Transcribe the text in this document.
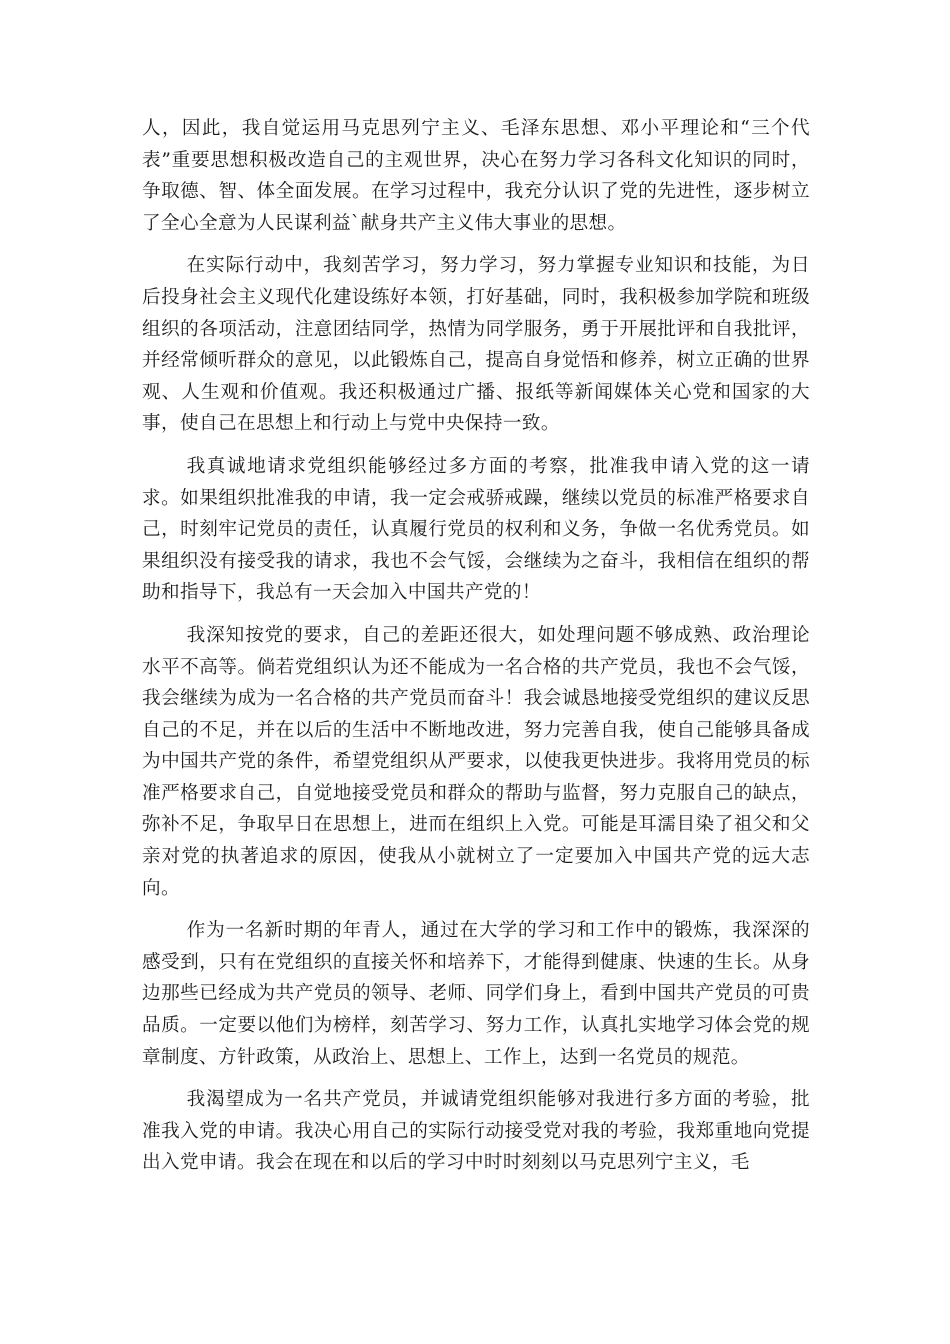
人，因此，我自觉运用马克思列宁主义、毛泽东思想、邓小平理论和“三个代表”重要思想积极改造自己的主观世界，决心在努力学习各科文化知识的同时，争取德、智、体全面发展。在学习过程中，我充分认识了党的先进性，逐步树立了全心全意为人民谋利益`献身共产主义伟大事业的思想。

在实际行动中，我刻苦学习，努力学习，努力掌握专业知识和技能，为日后投身社会主义现代化建设练好本领，打好基础，同时，我积极参加学院和班级组织的各项活动，注意团结同学，热情为同学服务，勇于开展批评和自我批评，并经常倾听群众的意见，以此锻炼自己，提高自身觉悟和修养，树立正确的世界观、人生观和价值观。我还积极通过广播、报纸等新闻媒体关心党和国家的大事，使自己在思想上和行动上与党中央保持一致。

我真诚地请求党组织能够经过多方面的考察，批准我申请入党的这一请求。如果组织批准我的申请，我一定会戒骄戒躁，继续以党员的标准严格要求自己，时刻牢记党员的责任，认真履行党员的权利和义务，争做一名优秀党员。如果组织没有接受我的请求，我也不会气馁，会继续为之奋斗，我相信在组织的帮助和指导下，我总有一天会加入中国共产党的！

我深知按党的要求，自己的差距还很大，如处理问题不够成熟、政治理论水平不高等。倘若党组织认为还不能成为一名合格的共产党员，我也不会气馁，我会继续为成为一名合格的共产党员而奋斗！我会诚恳地接受党组织的建议反思自己的不足，并在以后的生活中不断地改进，努力完善自我，使自己能够具备成为中国共产党的条件，希望党组织从严要求，以使我更快进步。我将用党员的标准严格要求自己，自觉地接受党员和群众的帮助与监督，努力克服自己的缺点，弥补不足，争取早日在思想上，进而在组织上入党。可能是耳濡目染了祖父和父亲对党的执著追求的原因，使我从小就树立了一定要加入中国共产党的远大志向。

作为一名新时期的年青人，通过在大学的学习和工作中的锻炼，我深深的感受到，只有在党组织的直接关怀和培养下，才能得到健康、快速的生长。从身边那些已经成为共产党员的领导、老师、同学们身上，看到中国共产党员的可贵品质。一定要以他们为榜样，刻苦学习、努力工作，认真扎实地学习体会党的规章制度、方针政策，从政治上、思想上、工作上，达到一名党员的规范。

我渴望成为一名共产党员，并诚请党组织能够对我进行多方面的考验，批准我入党的申请。我决心用自己的实际行动接受党对我的考验，我郑重地向党提出入党申请。我会在现在和以后的学习中时时刻刻以马克思列宁主义，毛
